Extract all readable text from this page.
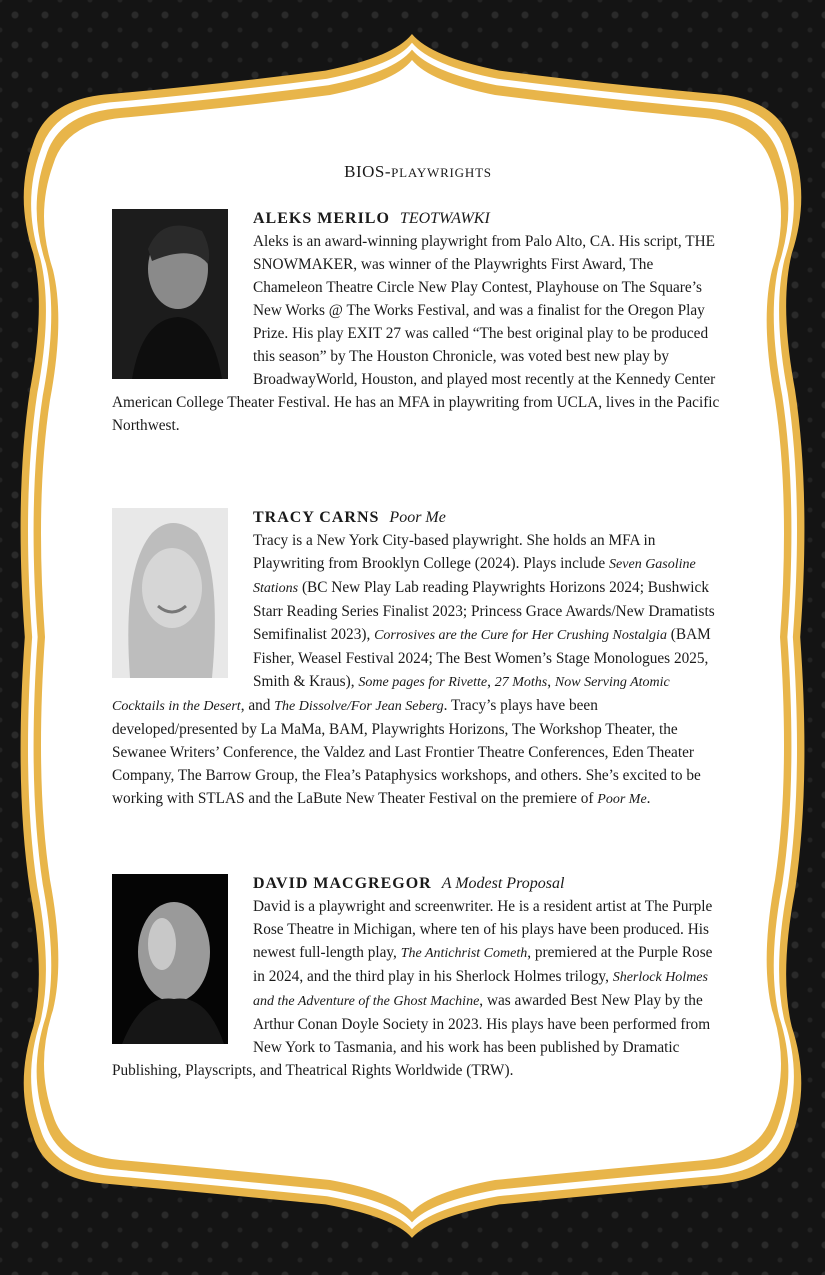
BIOS-PLAYWRIGHTS

ALEKS MERILO TEOTWAWKI
Aleks is an award-winning playwright from Palo Alto, CA. His script, THE SNOWMAKER, was winner of the Playwrights First Award, The Chameleon Theatre Circle New Play Contest, Playhouse on The Square’s New Works @ The Works Festival, and was a finalist for the Oregon Play Prize. His play EXIT 27 was called “The best original play to be produced this season” by The Houston Chronicle, was voted best new play by BroadwayWorld, Houston, and played most recently at the Kennedy Center American College Theater Festival. He has an MFA in playwriting from UCLA, lives in the Pacific Northwest.

TRACY CARNS Poor Me
Tracy is a New York City-based playwright. She holds an MFA in Playwriting from Brooklyn College (2024). Plays include Seven Gasoline Stations (BC New Play Lab reading Playwrights Horizons 2024; Bushwick Starr Reading Series Finalist 2023; Princess Grace Awards/New Dramatists Semifinalist 2023), Corrosives are the Cure for Her Crushing Nostalgia (BAM Fisher, Weasel Festival 2024; The Best Women’s Stage Monologues 2025, Smith & Kraus), Some pages for Rivette, 27 Moths, Now Serving Atomic Cocktails in the Desert, and The Dissolve/For Jean Seberg. Tracy’s plays have been developed/presented by La MaMa, BAM, Playwrights Horizons, The Workshop Theater, the Sewanee Writers’ Conference, the Valdez and Last Frontier Theatre Conferences, Eden Theater Company, The Barrow Group, the Flea’s Pataphysics workshops, and others. She’s excited to be working with STLAS and the LaBute New Theater Festival on the premiere of Poor Me.

DAVID MACGREGOR A Modest Proposal
David is a playwright and screenwriter. He is a resident artist at The Purple Rose Theatre in Michigan, where ten of his plays have been produced. His newest full-length play, The Antichrist Cometh, premiered at the Purple Rose in 2024, and the third play in his Sherlock Holmes trilogy, Sherlock Holmes and the Adventure of the Ghost Machine, was awarded Best New Play by the Arthur Conan Doyle Society in 2023. His plays have been performed from New York to Tasmania, and his work has been published by Dramatic Publishing, Playscripts, and Theatrical Rights Worldwide (TRW).
